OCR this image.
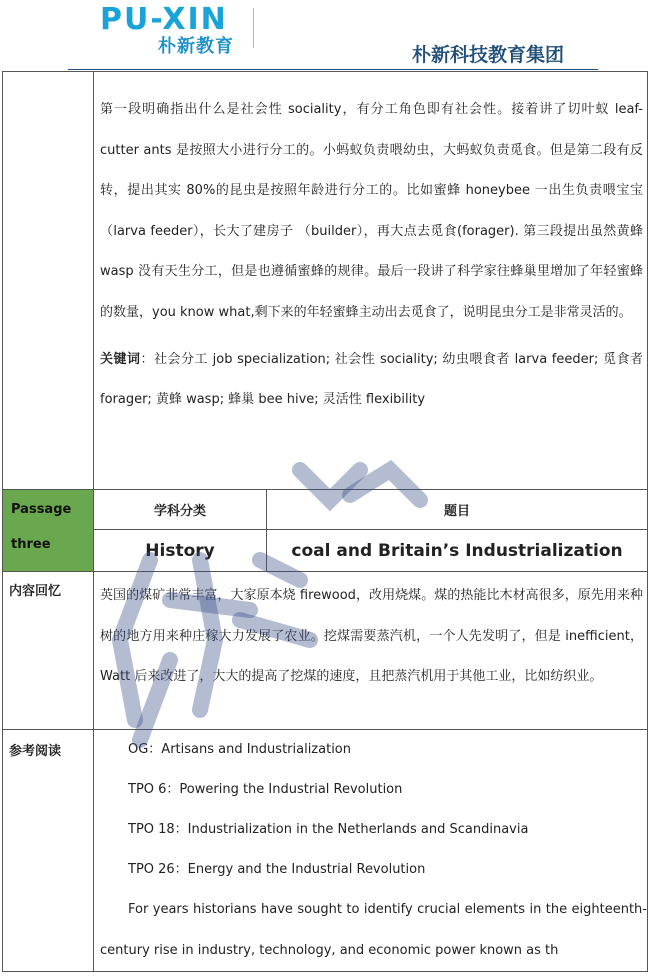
PU-XIN
朴新教育	朴新科技教育集团

	第一段明确指出什么是社会性 sociality，有分工角色即有社会性。接着讲了切叶蚁 leaf-cutter ants 是按照大小进行分工的。小蚂蚁负责喂幼虫，大蚂蚁负责觅食。但是第二段有反转，提出其实 80%的昆虫是按照年龄进行分工的。比如蜜蜂 honeybee 一出生负责喂宝宝（larva feeder），长大了建房子 （builder），再大点去觅食(forager). 第三段提出虽然黄蜂 wasp 没有天生分工，但是也遵循蜜蜂的规律。最后一段讲了科学家往蜂巢里增加了年轻蜜蜂的数量，you know what,剩下来的年轻蜜蜂主动出去觅食了，说明昆虫分工是非常灵活的。
关键词：社会分工 job specialization; 社会性 sociality; 幼虫喂食者 larva feeder; 觅食者 forager; 黄蜂 wasp; 蜂巢 bee hive; 灵活性 flexibility	

Passage
three	学科分类	题目
	History	coal and Britain’s Industrialization

内容回忆	英国的煤矿非常丰富，大家原本烧 firewood，改用烧煤。煤的热能比木材高很多，原先用来种树的地方用来种庄稼大力发展了农业。挖煤需要蒸汽机，一个人先发明了，但是 inefficient，Watt 后来改进了，大大的提高了挖煤的速度，且把蒸汽机用于其他工业，比如纺织业。	

参考阅读	OG：Artisans and Industrialization
TPO 6：Powering the Industrial Revolution
TPO 18：Industrialization in the Netherlands and Scandinavia
TPO 26：Energy and the Industrial Revolution
For years historians have sought to identify crucial elements in the eighteenth-century rise in industry, technology, and economic power known as th	
